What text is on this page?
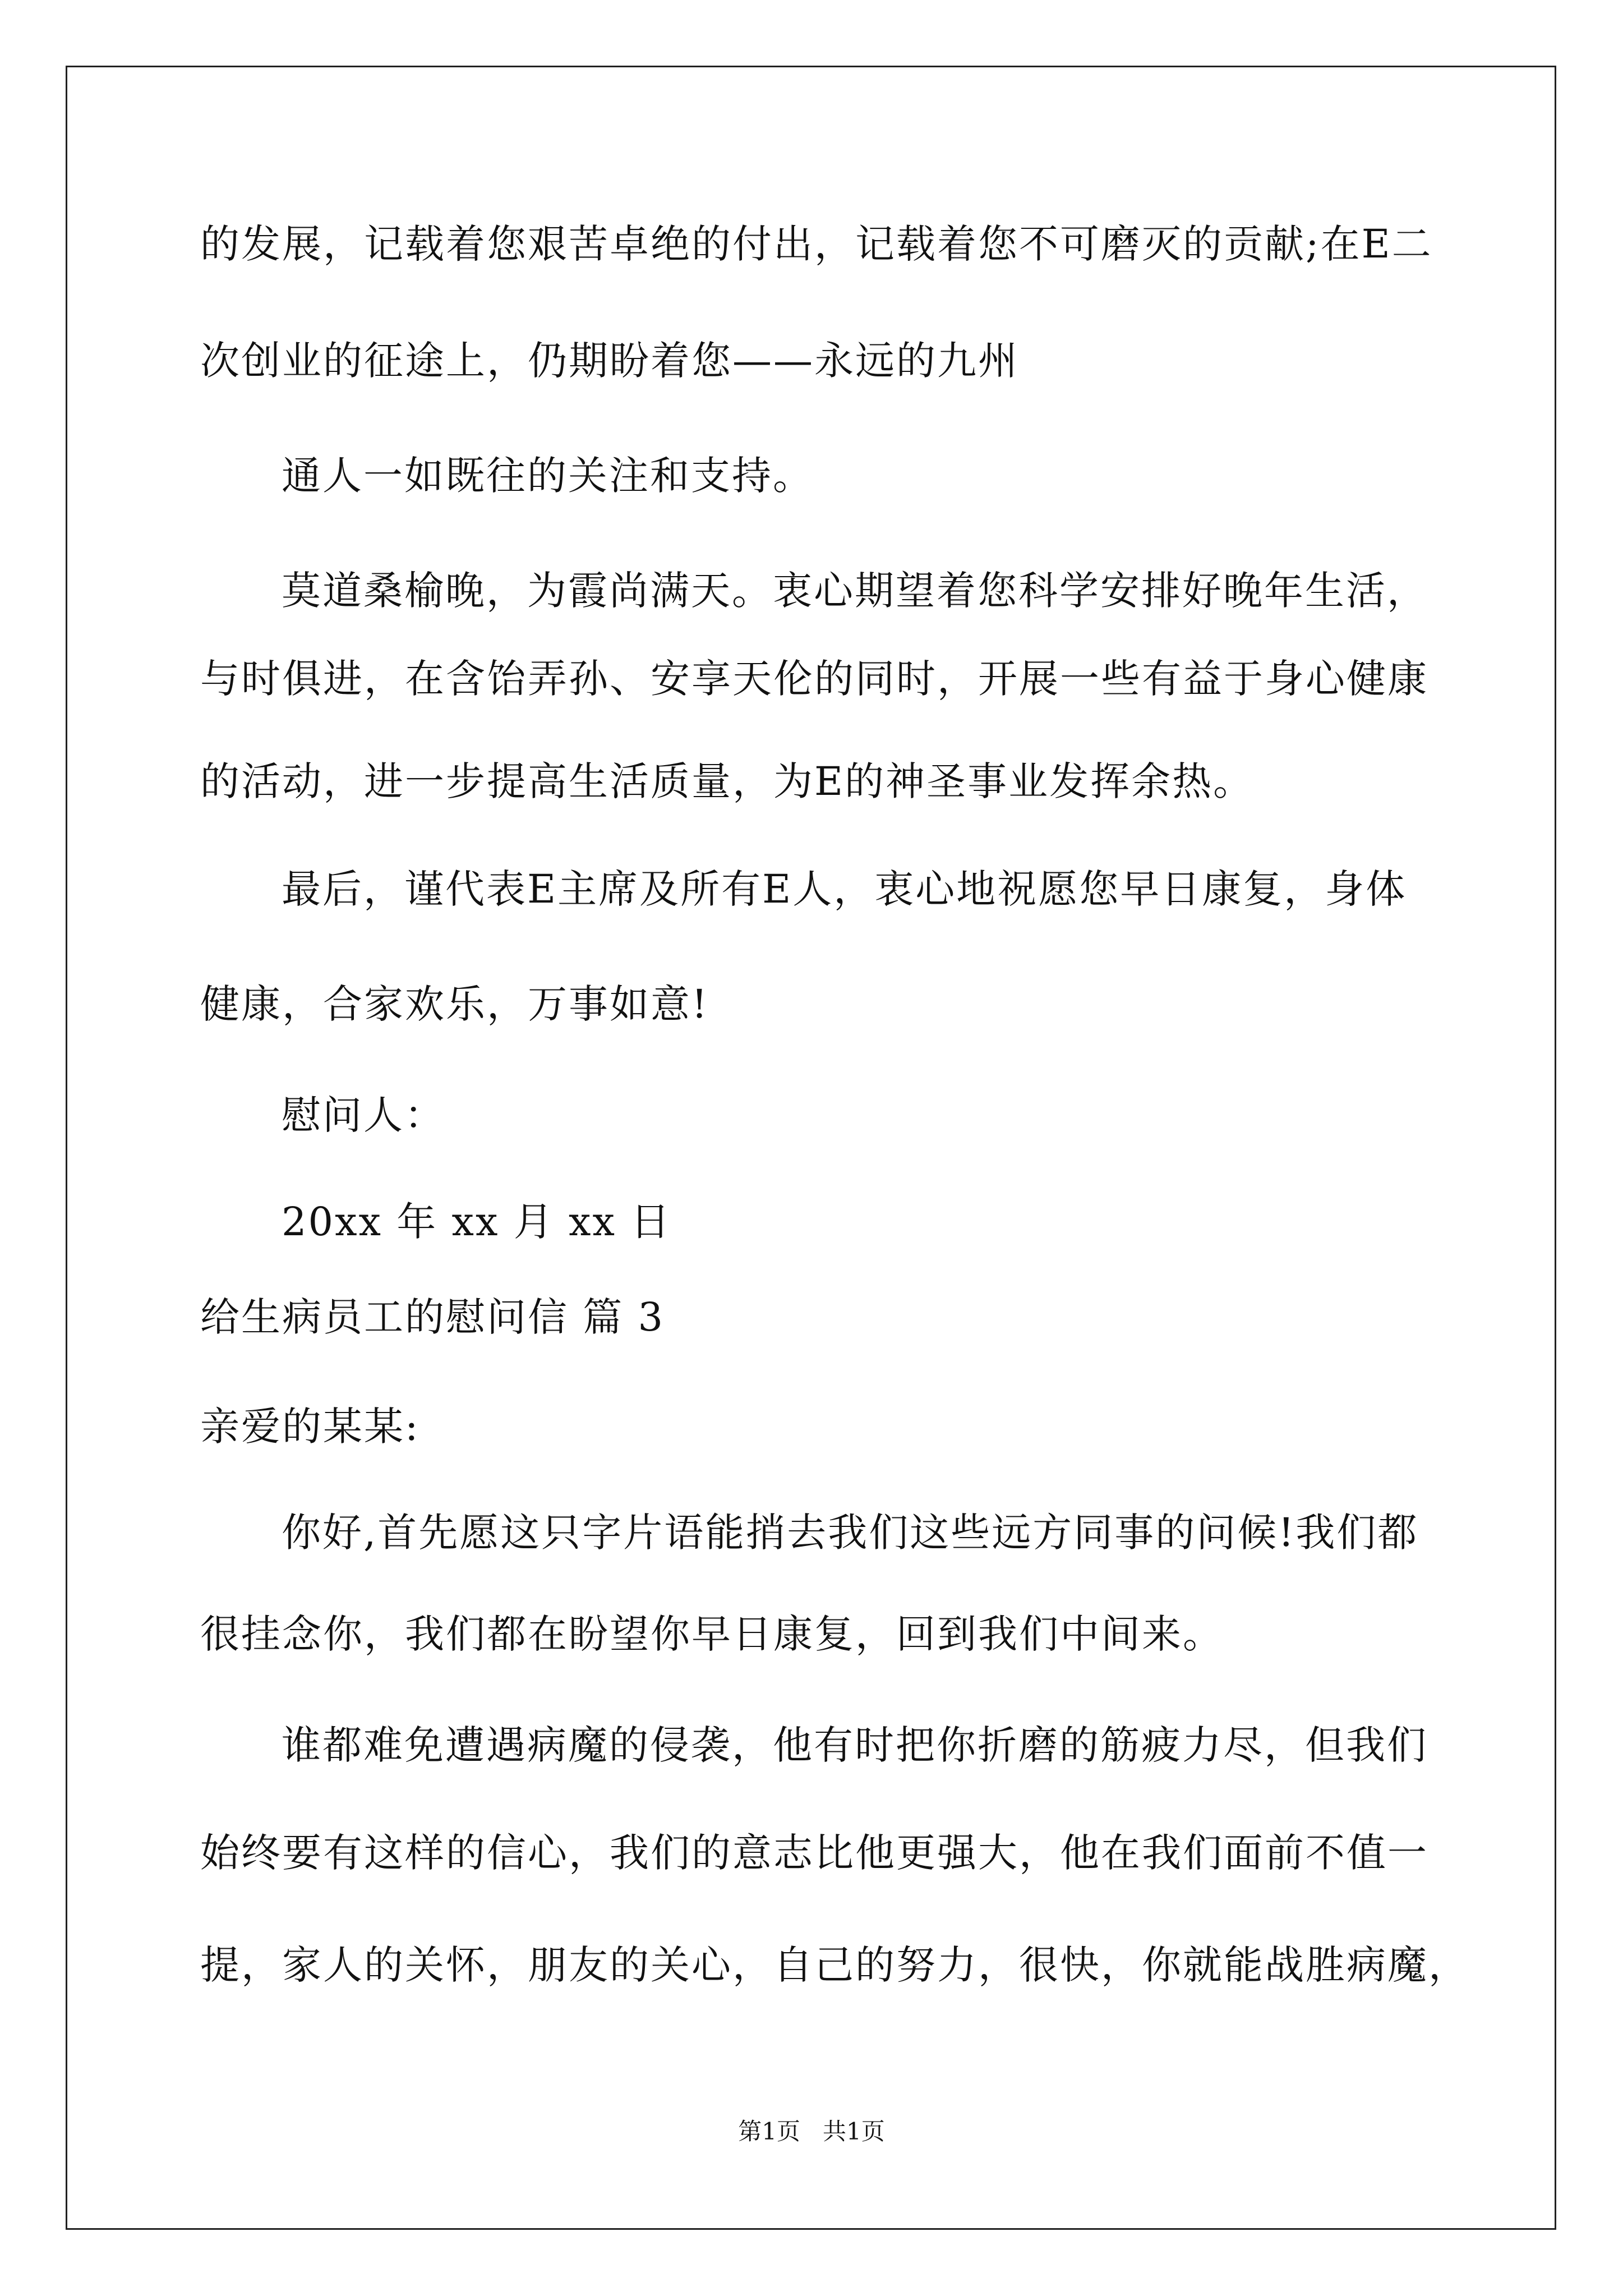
的发展，记载着您艰苦卓绝的付出，记载着您不可磨灭的贡献;在E二
次创业的征途上，仍期盼着您——永远的九州
通人一如既往的关注和支持。
莫道桑榆晚，为霞尚满天。衷心期望着您科学安排好晚年生活，
与时俱进，在含饴弄孙、安享天伦的同时，开展一些有益于身心健康
的活动，进一步提高生活质量，为E的神圣事业发挥余热。
最后，谨代表E主席及所有E人，衷心地祝愿您早日康复，身体
健康，合家欢乐，万事如意!
慰问人：
20xx 年 xx 月 xx 日
给生病员工的慰问信 篇 3
亲爱的某某:
你好,首先愿这只字片语能捎去我们这些远方同事的问候!我们都
很挂念你，我们都在盼望你早日康复，回到我们中间来。
谁都难免遭遇病魔的侵袭，他有时把你折磨的筋疲力尽，但我们
始终要有这样的信心，我们的意志比他更强大，他在我们面前不值一
提，家人的关怀，朋友的关心，自己的努力，很快，你就能战胜病魔，
第1页   共1页
